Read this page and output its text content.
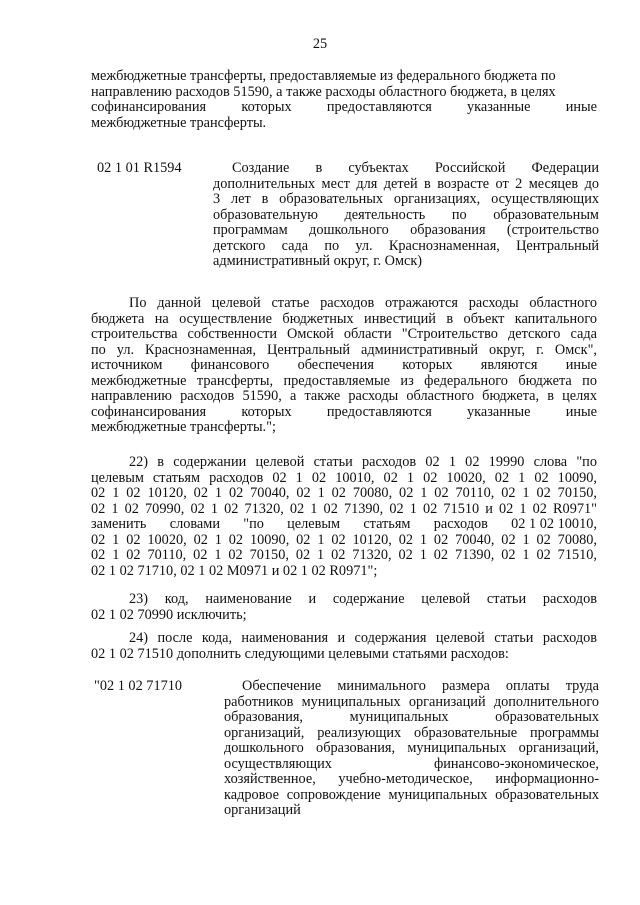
25
межбюджетные трансферты, предоставляемые из федерального бюджета по
направлению расходов 51590, а также расходы областного бюджета, в целях
софинансирования которых предоставляются указанные иные
межбюджетные трансферты.
02 1 01 R1594	Создание в субъектах Российской Федерации
дополнительных мест для детей в возрасте от 2 месяцев до
3 лет в образовательных организациях, осуществляющих
образовательную деятельность по образовательным
программам дошкольного образования (строительство
детского сада по ул. Краснознаменная, Центральный
административный округ, г. Омск)
По данной целевой статье расходов отражаются расходы областного
бюджета на осуществление бюджетных инвестиций в объект капитального
строительства собственности Омской области "Строительство детского сада
по ул. Краснознаменная, Центральный административный округ, г. Омск",
источником финансового обеспечения которых являются иные
межбюджетные трансферты, предоставляемые из федерального бюджета по
направлению расходов 51590, а также расходы областного бюджета, в целях
софинансирования которых предоставляются указанные иные
межбюджетные трансферты.";
22) в содержании целевой статьи расходов 02 1 02 19990 слова "по
целевым статьям расходов 02 1 02 10010, 02 1 02 10020, 02 1 02 10090,
02 1 02 10120, 02 1 02 70040, 02 1 02 70080, 02 1 02 70110, 02 1 02 70150,
02 1 02 70990, 02 1 02 71320, 02 1 02 71390, 02 1 02 71510 и 02 1 02 R0971"
заменить словами "по целевым статьям расходов 02 1 02 10010,
02 1 02 10020, 02 1 02 10090, 02 1 02 10120, 02 1 02 70040, 02 1 02 70080,
02 1 02 70110, 02 1 02 70150, 02 1 02 71320, 02 1 02 71390, 02 1 02 71510,
02 1 02 71710, 02 1 02 M0971 и 02 1 02 R0971";
23) код, наименование и содержание целевой статьи расходов
02 1 02 70990 исключить;
24) после кода, наименования и содержания целевой статьи расходов
02 1 02 71510 дополнить следующими целевыми статьями расходов:
"02 1 02 71710	Обеспечение минимального размера оплаты труда
работников муниципальных организаций дополнительного
образования,	муниципальных	образовательных
организаций, реализующих образовательные программы
дошкольного образования, муниципальных организаций,
осуществляющих	финансово-экономическое,
хозяйственное, учебно-методическое, информационно-
кадровое сопровождение муниципальных образовательных
организаций
